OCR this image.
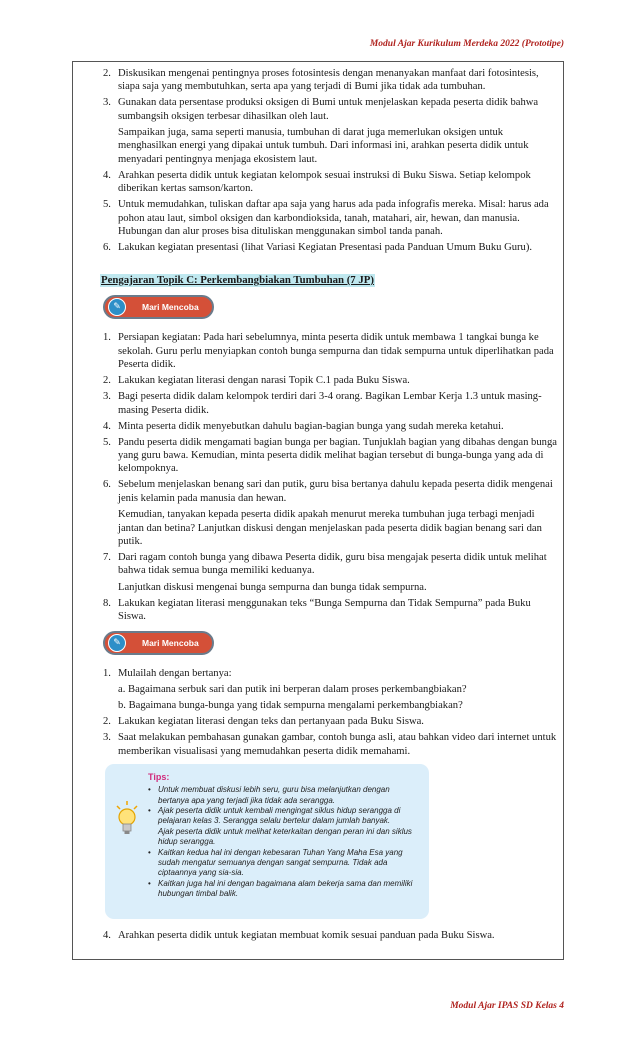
Modul Ajar Kurikulum Merdeka 2022 (Prototipe)
2. Diskusikan mengenai pentingnya proses fotosintesis dengan menanyakan manfaat dari fotosintesis, siapa saja yang membutuhkan, serta apa yang terjadi di Bumi jika tidak ada tumbuhan.
3. Gunakan data persentase produksi oksigen di Bumi untuk menjelaskan kepada peserta didik bahwa sumbangsih oksigen terbesar dihasilkan oleh laut.
Sampaikan juga, sama seperti manusia, tumbuhan di darat juga memerlukan oksigen untuk menghasilkan energi yang dipakai untuk tumbuh. Dari informasi ini, arahkan peserta didik untuk menyadari pentingnya menjaga ekosistem laut.
4. Arahkan peserta didik untuk kegiatan kelompok sesuai instruksi di Buku Siswa. Setiap kelompok diberikan kertas samson/karton.
5. Untuk memudahkan, tuliskan daftar apa saja yang harus ada pada infografis mereka. Misal: harus ada pohon atau laut, simbol oksigen dan karbondioksida, tanah, matahari, air, hewan, dan manusia. Hubungan dan alur proses bisa dituliskan menggunakan simbol tanda panah.
6. Lakukan kegiatan presentasi (lihat Variasi Kegiatan Presentasi pada Panduan Umum Buku Guru).
Pengajaran Topik C: Perkembangbiakan Tumbuhan (7 JP)
✎	Mari Mencoba
1. Persiapan kegiatan: Pada hari sebelumnya, minta peserta didik untuk membawa 1 tangkai bunga ke sekolah. Guru perlu menyiapkan contoh bunga sempurna dan tidak sempurna untuk diperlihatkan pada Peserta didik.
2. Lakukan kegiatan literasi dengan narasi Topik C.1 pada Buku Siswa.
3. Bagi peserta didik dalam kelompok terdiri dari 3-4 orang. Bagikan Lembar Kerja 1.3 untuk masing-masing Peserta didik.
4. Minta peserta didik menyebutkan dahulu bagian-bagian bunga yang sudah mereka ketahui.
5. Pandu peserta didik mengamati bagian bunga per bagian. Tunjuklah bagian yang dibahas dengan bunga yang guru bawa. Kemudian, minta peserta didik melihat bagian tersebut di bunga-bunga yang ada di kelompoknya.
6. Sebelum menjelaskan benang sari dan putik, guru bisa bertanya dahulu kepada peserta didik mengenai jenis kelamin pada manusia dan hewan.
Kemudian, tanyakan kepada peserta didik apakah menurut mereka tumbuhan juga terbagi menjadi jantan dan betina? Lanjutkan diskusi dengan menjelaskan pada peserta didik bagian benang sari dan putik.
7. Dari ragam contoh bunga yang dibawa Peserta didik, guru bisa mengajak peserta didik untuk melihat bahwa tidak semua bunga memiliki keduanya.
Lanjutkan diskusi mengenai bunga sempurna dan bunga tidak sempurna.
8. Lakukan kegiatan literasi menggunakan teks “Bunga Sempurna dan Tidak Sempurna” pada Buku Siswa.
✎	Mari Mencoba
1. Mulailah dengan bertanya:
a. Bagaimana serbuk sari dan putik ini berperan dalam proses perkembangbiakan?
b. Bagaimana bunga-bunga yang tidak sempurna mengalami perkembangbiakan?
2. Lakukan kegiatan literasi dengan teks dan pertanyaan pada Buku Siswa.
3. Saat melakukan pembahasan gunakan gambar, contoh bunga asli, atau bahkan video dari internet untuk memberikan visualisasi yang memudahkan peserta didik memahami.
Tips:
• Untuk membuat diskusi lebih seru, guru bisa melanjutkan dengan bertanya apa yang terjadi jika tidak ada serangga.
• Ajak peserta didik untuk kembali mengingat siklus hidup serangga di pelajaran kelas 3. Serangga selalu bertelur dalam jumlah banyak.
Ajak peserta didik untuk melihat keterkaitan dengan peran ini dan siklus hidup serangga.
• Kaitkan kedua hal ini dengan kebesaran Tuhan Yang Maha Esa yang sudah mengatur semuanya dengan sangat sempurna. Tidak ada ciptaannya yang sia-sia.
• Kaitkan juga hal ini dengan bagaimana alam bekerja sama dan memiliki hubungan timbal balik.
4. Arahkan peserta didik untuk kegiatan membuat komik sesuai panduan pada Buku Siswa.
Modul Ajar IPAS SD Kelas 4
